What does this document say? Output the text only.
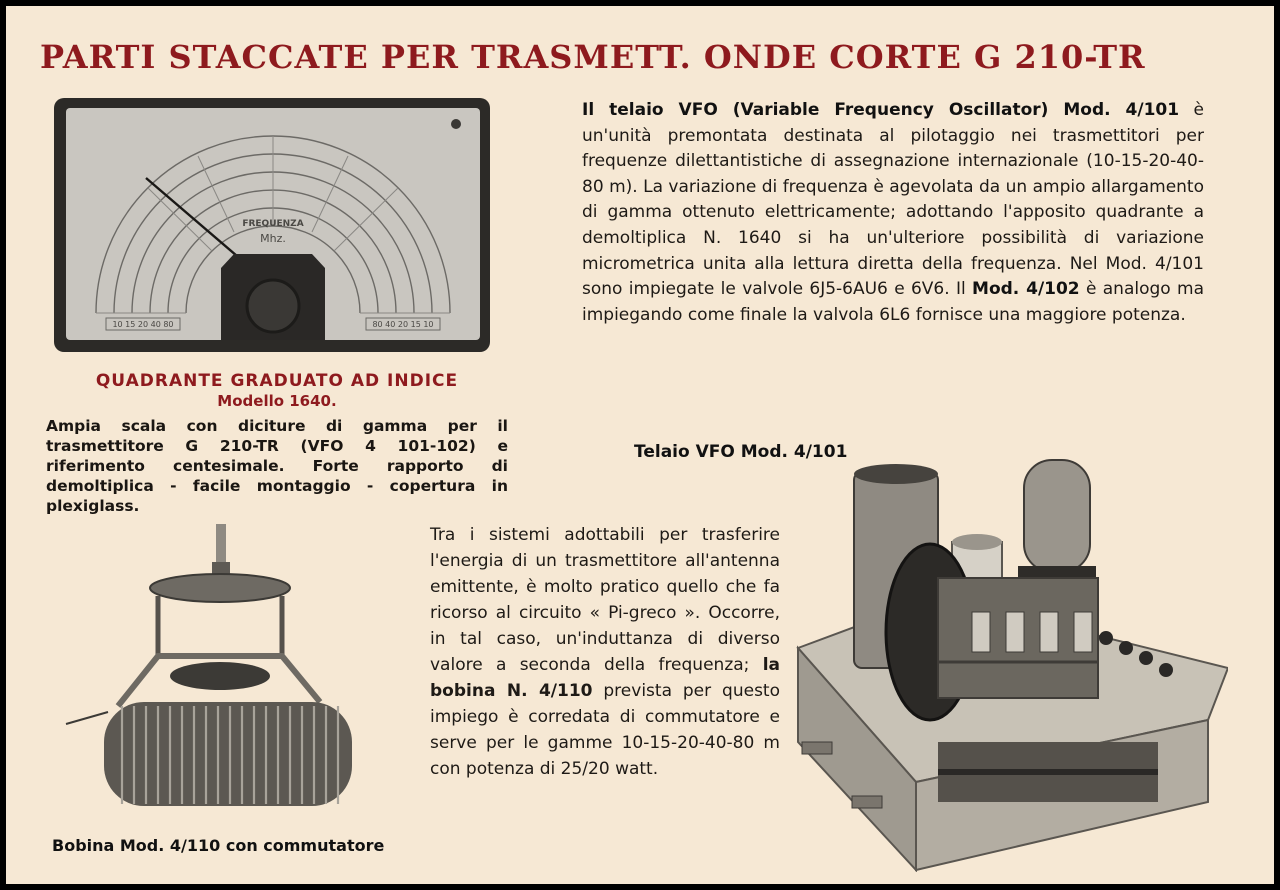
PARTI STACCATE PER TRASMETT. ONDE CORTE G 210-TR
FREQUENZA
Mhz.
10 15 20 40 80	80 40 20 15 10
QUADRANTE GRADUATO AD INDICE
Modello 1640.
Ampia scala con diciture di gamma per il trasmettitore G 210-TR (VFO 4 101-102) e riferimento centesimale. Forte rapporto di demoltiplica - facile montaggio - copertura in plexiglass.
Il telaio VFO (Variable Frequency Oscillator) Mod. 4/101 è un'unità premontata destinata al pilotaggio nei trasmettitori per frequenze dilettantistiche di assegnazione internazionale (10-15-20-40-80 m). La variazione di frequenza è agevolata da un ampio allargamento di gamma ottenuto elettricamente; adottando l'apposito quadrante a demoltiplica N. 1640 si ha un'ulteriore possibilità di variazione micrometrica unita alla lettura diretta della frequenza. Nel Mod. 4/101 sono impiegate le valvole 6J5-6AU6 e 6V6. Il Mod. 4/102 è analogo ma impiegando come finale la valvola 6L6 fornisce una maggiore potenza.
Telaio VFO Mod. 4/101
Tra i sistemi adottabili per trasferire l'energia di un trasmettitore all'antenna emittente, è molto pratico quello che fa ricorso al circuito « Pi-greco ». Occorre, in tal caso, un'induttanza di diverso valore a seconda della frequenza; la bobina N. 4/110 prevista per questo impiego è corredata di commutatore e serve per le gamme 10-15-20-40-80 m con potenza di 25/20 watt.
Bobina Mod. 4/110 con commutatore
